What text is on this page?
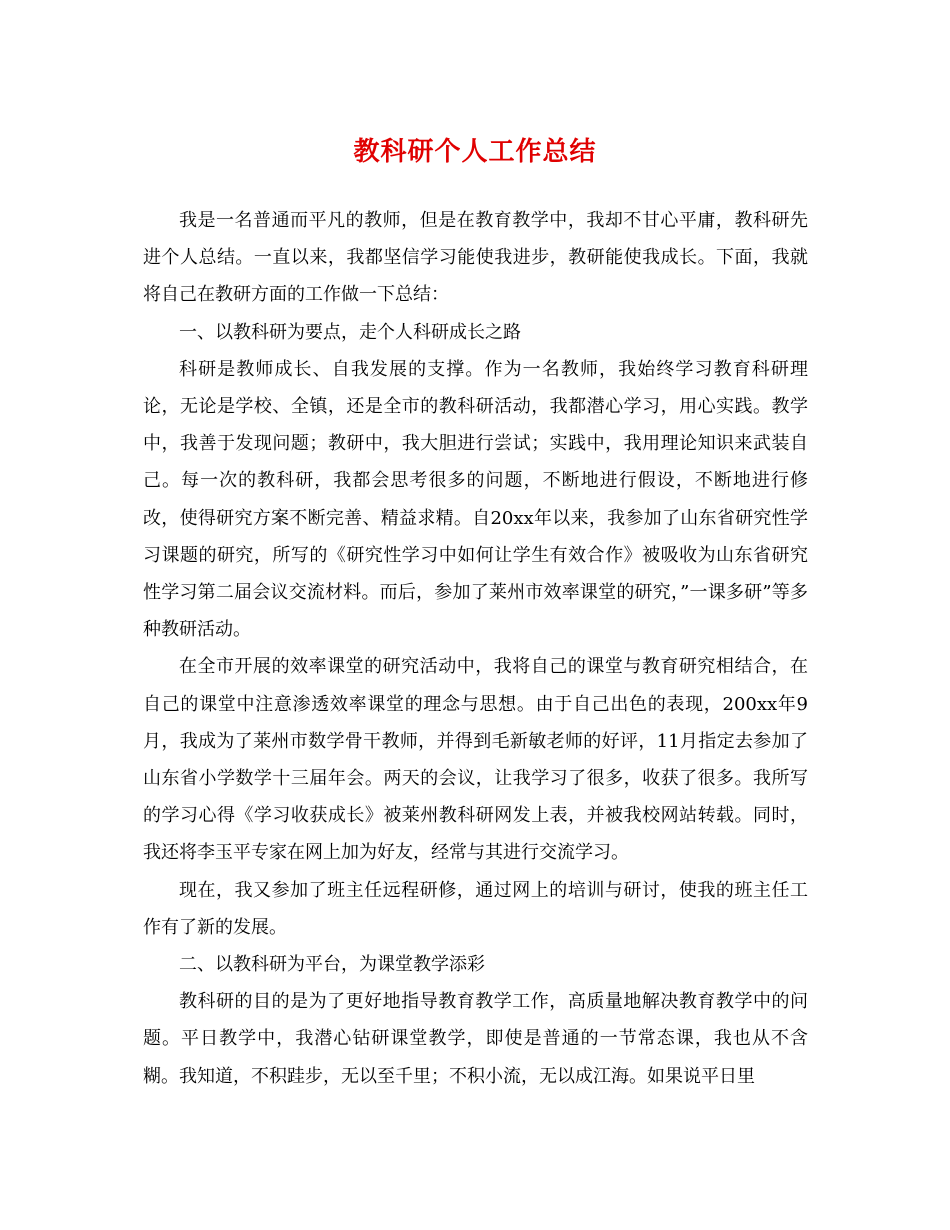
教科研个人工作总结

我是一名普通而平凡的教师，但是在教育教学中，我却不甘心平庸，教科研先进个人总结。一直以来，我都坚信学习能使我进步，教研能使我成长。下面，我就将自己在教研方面的工作做一下总结：

一、以教科研为要点，走个人科研成长之路

科研是教师成长、自我发展的支撑。作为一名教师，我始终学习教育科研理论，无论是学校、全镇，还是全市的教科研活动，我都潜心学习，用心实践。教学中，我善于发现问题；教研中，我大胆进行尝试；实践中，我用理论知识来武装自己。每一次的教科研，我都会思考很多的问题，不断地进行假设，不断地进行修改，使得研究方案不断完善、精益求精。自20xx年以来，我参加了山东省研究性学习课题的研究，所写的《研究性学习中如何让学生有效合作》被吸收为山东省研究性学习第二届会议交流材料。而后，参加了莱州市效率课堂的研究，”一课多研”等多种教研活动。

在全市开展的效率课堂的研究活动中，我将自己的课堂与教育研究相结合，在自己的课堂中注意渗透效率课堂的理念与思想。由于自己出色的表现，200xx年9月，我成为了莱州市数学骨干教师，并得到毛新敏老师的好评，11月指定去参加了山东省小学数学十三届年会。两天的会议，让我学习了很多，收获了很多。我所写的学习心得《学习收获成长》被莱州教科研网发上表，并被我校网站转载。同时，我还将李玉平专家在网上加为好友，经常与其进行交流学习。

现在，我又参加了班主任远程研修，通过网上的培训与研讨，使我的班主任工作有了新的发展。

二、以教科研为平台，为课堂教学添彩

教科研的目的是为了更好地指导教育教学工作，高质量地解决教育教学中的问题。平日教学中，我潜心钻研课堂教学，即使是普通的一节常态课，我也从不含糊。我知道，不积跬步，无以至千里；不积小流，无以成江海。如果说平日里
